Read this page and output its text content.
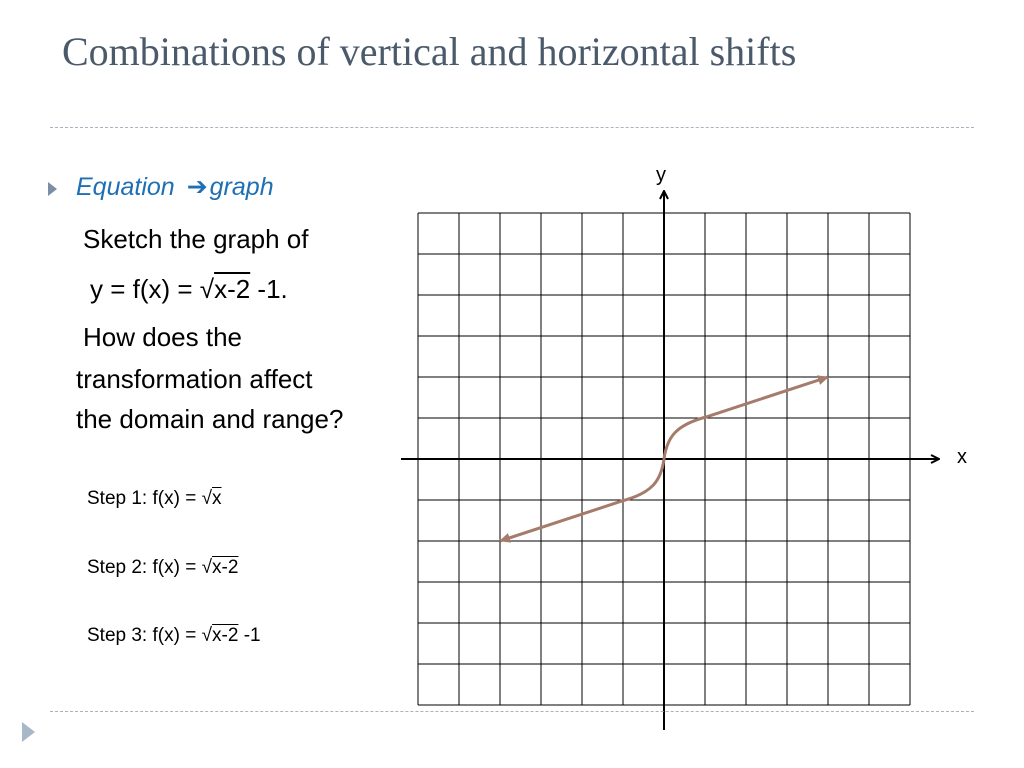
Combinations of vertical and horizontal shifts
Equation ➔graph
Sketch the graph of
y = f(x) = √x-2 -1.
How does the
transformation affect
the domain and range?
Step 1: f(x) = √x
Step 2: f(x) = √x-2
Step 3: f(x) = √x-2 -1
y
x
